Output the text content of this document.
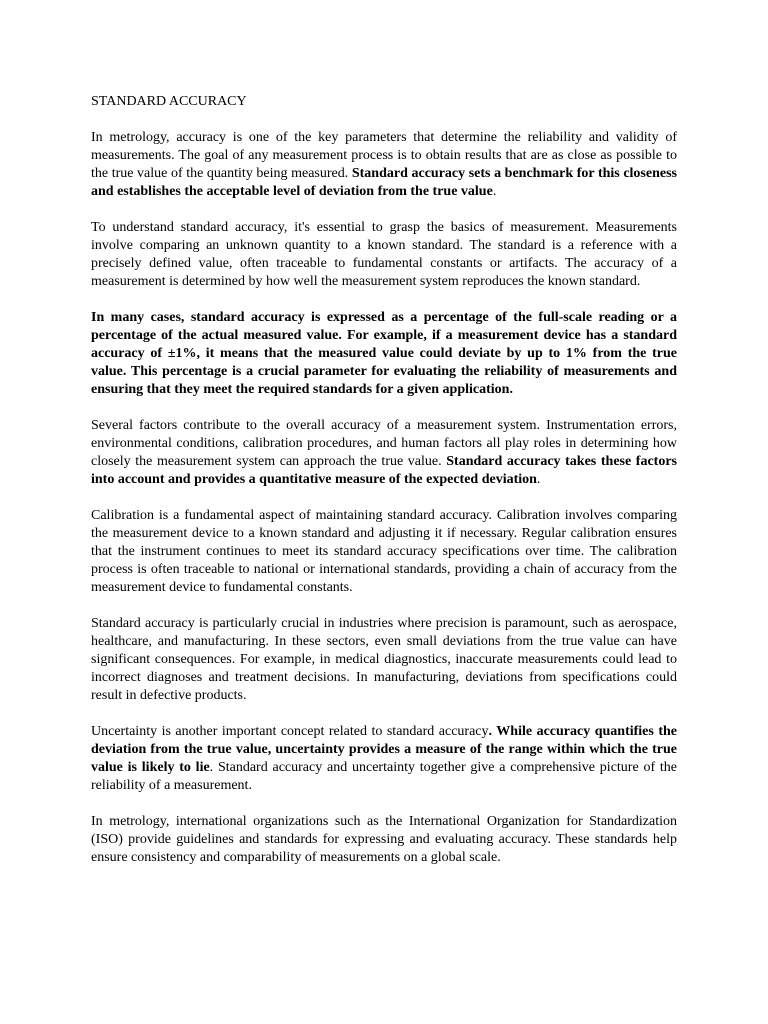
STANDARD ACCURACY

In metrology, accuracy is one of the key parameters that determine the reliability and validity of measurements. The goal of any measurement process is to obtain results that are as close as possible to the true value of the quantity being measured. Standard accuracy sets a benchmark for this closeness and establishes the acceptable level of deviation from the true value.

To understand standard accuracy, it's essential to grasp the basics of measurement. Measurements involve comparing an unknown quantity to a known standard. The standard is a reference with a precisely defined value, often traceable to fundamental constants or artifacts. The accuracy of a measurement is determined by how well the measurement system reproduces the known standard.

In many cases, standard accuracy is expressed as a percentage of the full-scale reading or a percentage of the actual measured value. For example, if a measurement device has a standard accuracy of ±1%, it means that the measured value could deviate by up to 1% from the true value. This percentage is a crucial parameter for evaluating the reliability of measurements and ensuring that they meet the required standards for a given application.

Several factors contribute to the overall accuracy of a measurement system. Instrumentation errors, environmental conditions, calibration procedures, and human factors all play roles in determining how closely the measurement system can approach the true value. Standard accuracy takes these factors into account and provides a quantitative measure of the expected deviation.

Calibration is a fundamental aspect of maintaining standard accuracy. Calibration involves comparing the measurement device to a known standard and adjusting it if necessary. Regular calibration ensures that the instrument continues to meet its standard accuracy specifications over time. The calibration process is often traceable to national or international standards, providing a chain of accuracy from the measurement device to fundamental constants.

Standard accuracy is particularly crucial in industries where precision is paramount, such as aerospace, healthcare, and manufacturing. In these sectors, even small deviations from the true value can have significant consequences. For example, in medical diagnostics, inaccurate measurements could lead to incorrect diagnoses and treatment decisions. In manufacturing, deviations from specifications could result in defective products.

Uncertainty is another important concept related to standard accuracy. While accuracy quantifies the deviation from the true value, uncertainty provides a measure of the range within which the true value is likely to lie. Standard accuracy and uncertainty together give a comprehensive picture of the reliability of a measurement.

In metrology, international organizations such as the International Organization for Standardization (ISO) provide guidelines and standards for expressing and evaluating accuracy. These standards help ensure consistency and comparability of measurements on a global scale.
